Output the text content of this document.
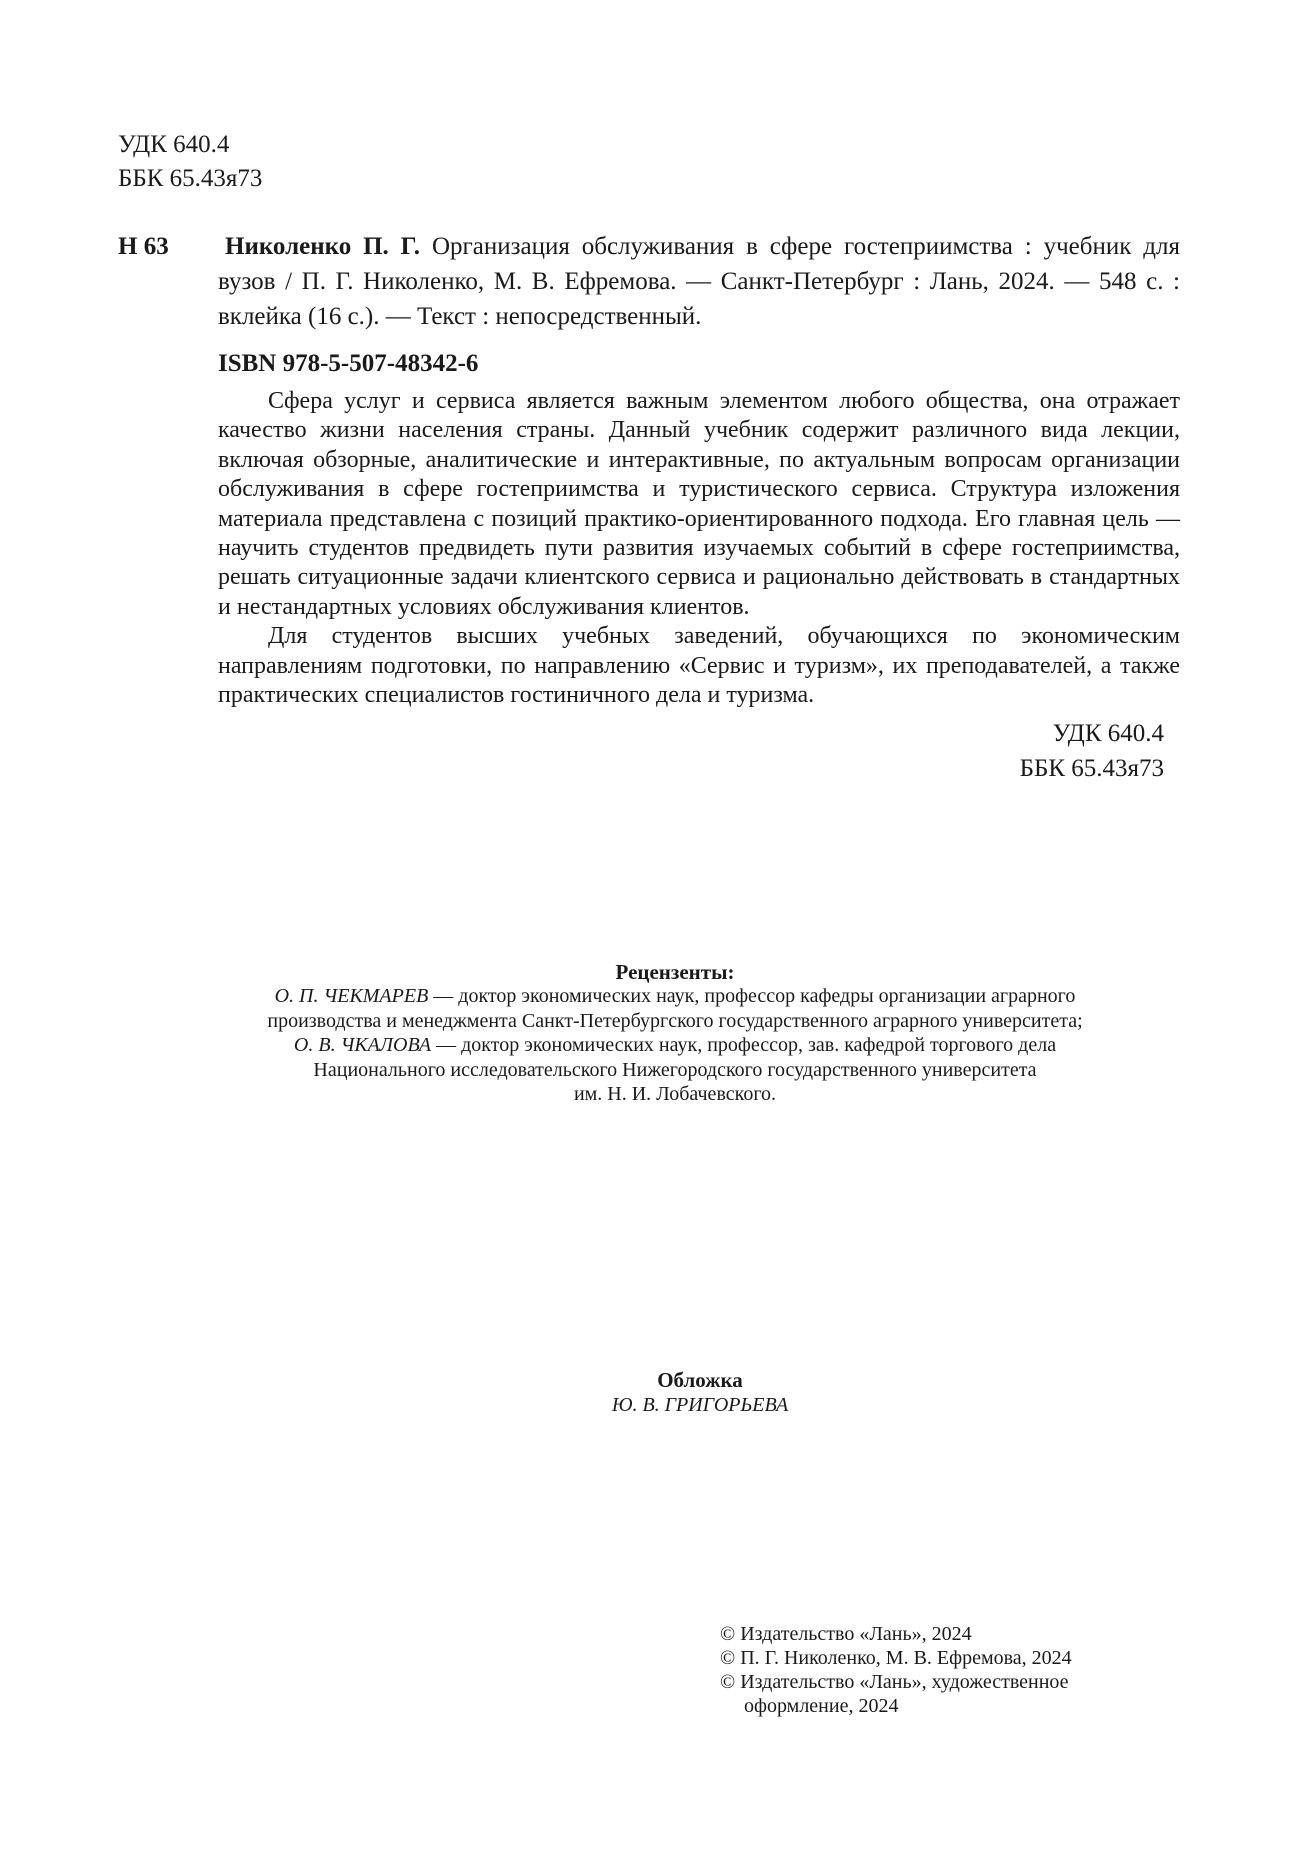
УДК 640.4
ББК 65.43я73
Н 63 Николенко П. Г. Организация обслуживания в сфере гостеприимства : учебник для вузов / П. Г. Николенко, М. В. Ефремова. — Санкт-Петербург : Лань, 2024. — 548 с. : вклейка (16 с.). — Текст : непосредственный.

ISBN 978-5-507-48342-6

Сфера услуг и сервиса является важным элементом любого общества, она отражает качество жизни населения страны. Данный учебник содержит различного вида лекции, включая обзорные, аналитические и интерактивные, по актуальным вопросам организации обслуживания в сфере гостеприимства и туристического сервиса. Структура изложения материала представлена с позиций практико-ориентированного подхода. Его главная цель — научить студентов предвидеть пути развития изучаемых событий в сфере гостеприимства, решать ситуационные задачи клиентского сервиса и рационально действовать в стандартных и нестандартных условиях обслуживания клиентов.

Для студентов высших учебных заведений, обучающихся по экономическим направлениям подготовки, по направлению «Сервис и туризм», их преподавателей, а также практических специалистов гостиничного дела и туризма.

УДК 640.4
ББК 65.43я73
Рецензенты:
О. П. ЧЕКМАРЕВ — доктор экономических наук, профессор кафедры организации аграрного
производства и менеджмента Санкт-Петербургского государственного аграрного университета;
О. В. ЧКАЛОВА — доктор экономических наук, профессор, зав. кафедрой торгового дела
Национального исследовательского Нижегородского государственного университета
им. Н. И. Лобачевского.
Обложка
Ю. В. ГРИГОРЬЕВА
© Издательство «Лань», 2024
© П. Г. Николенко, М. В. Ефремова, 2024
© Издательство «Лань», художественное
оформление, 2024
